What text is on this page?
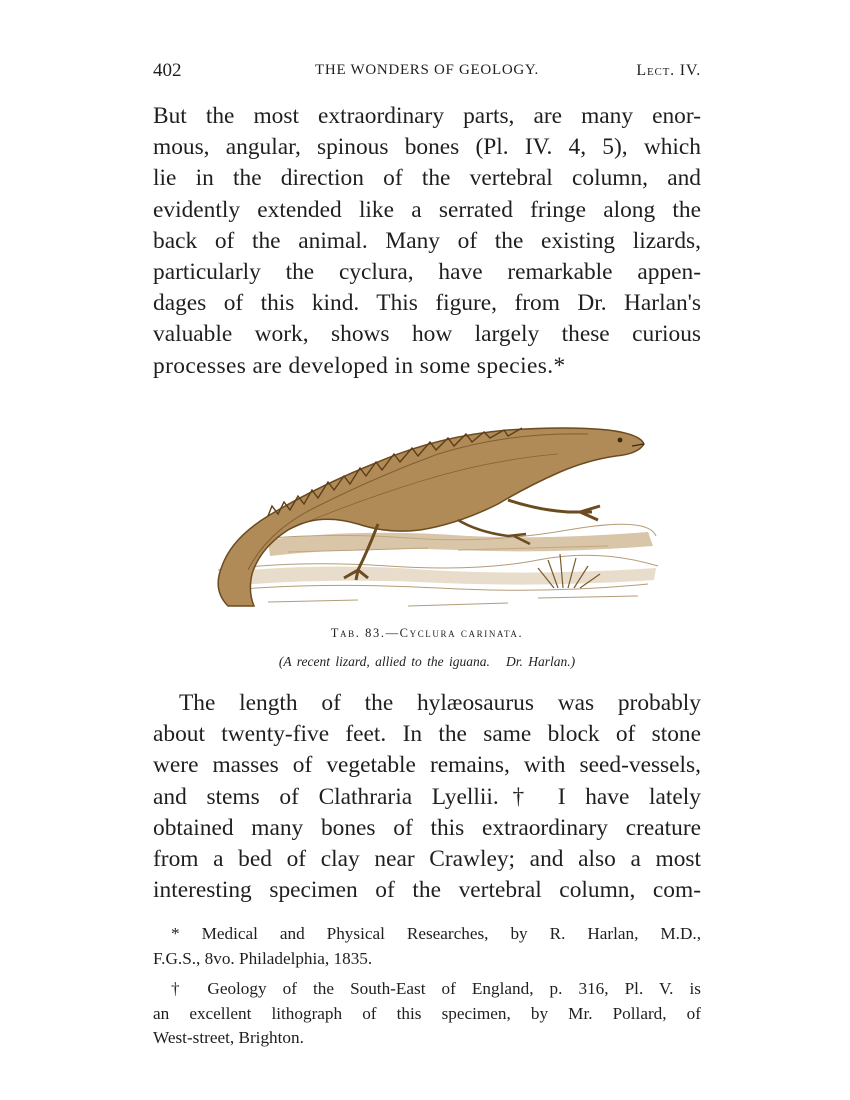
402	THE WONDERS OF GEOLOGY.	Lect. IV.

But the most extraordinary parts, are many enor-
mous, angular, spinous bones (Pl. IV. 4, 5), which
lie in the direction of the vertebral column, and
evidently extended like a serrated fringe along the
back of the animal. Many of the existing lizards,
particularly the cyclura, have remarkable appen-
dages of this kind. This figure, from Dr. Harlan's
valuable work, shows how largely these curious
processes are developed in some species.*

Tab. 83.—Cyclura carinata.
(A recent lizard, allied to the iguana. Dr. Harlan.)

The length of the hylæosaurus was probably
about twenty-five feet. In the same block of stone
were masses of vegetable remains, with seed-vessels,
and stems of Clathraria Lyellii.† I have lately
obtained many bones of this extraordinary creature
from a bed of clay near Crawley; and also a most
interesting specimen of the vertebral column, com-

* Medical and Physical Researches, by R. Harlan, M.D.,
F.G.S., 8vo. Philadelphia, 1835.

† Geology of the South-East of England, p. 316, Pl. V. is
an excellent lithograph of this specimen, by Mr. Pollard, of
West-street, Brighton.
